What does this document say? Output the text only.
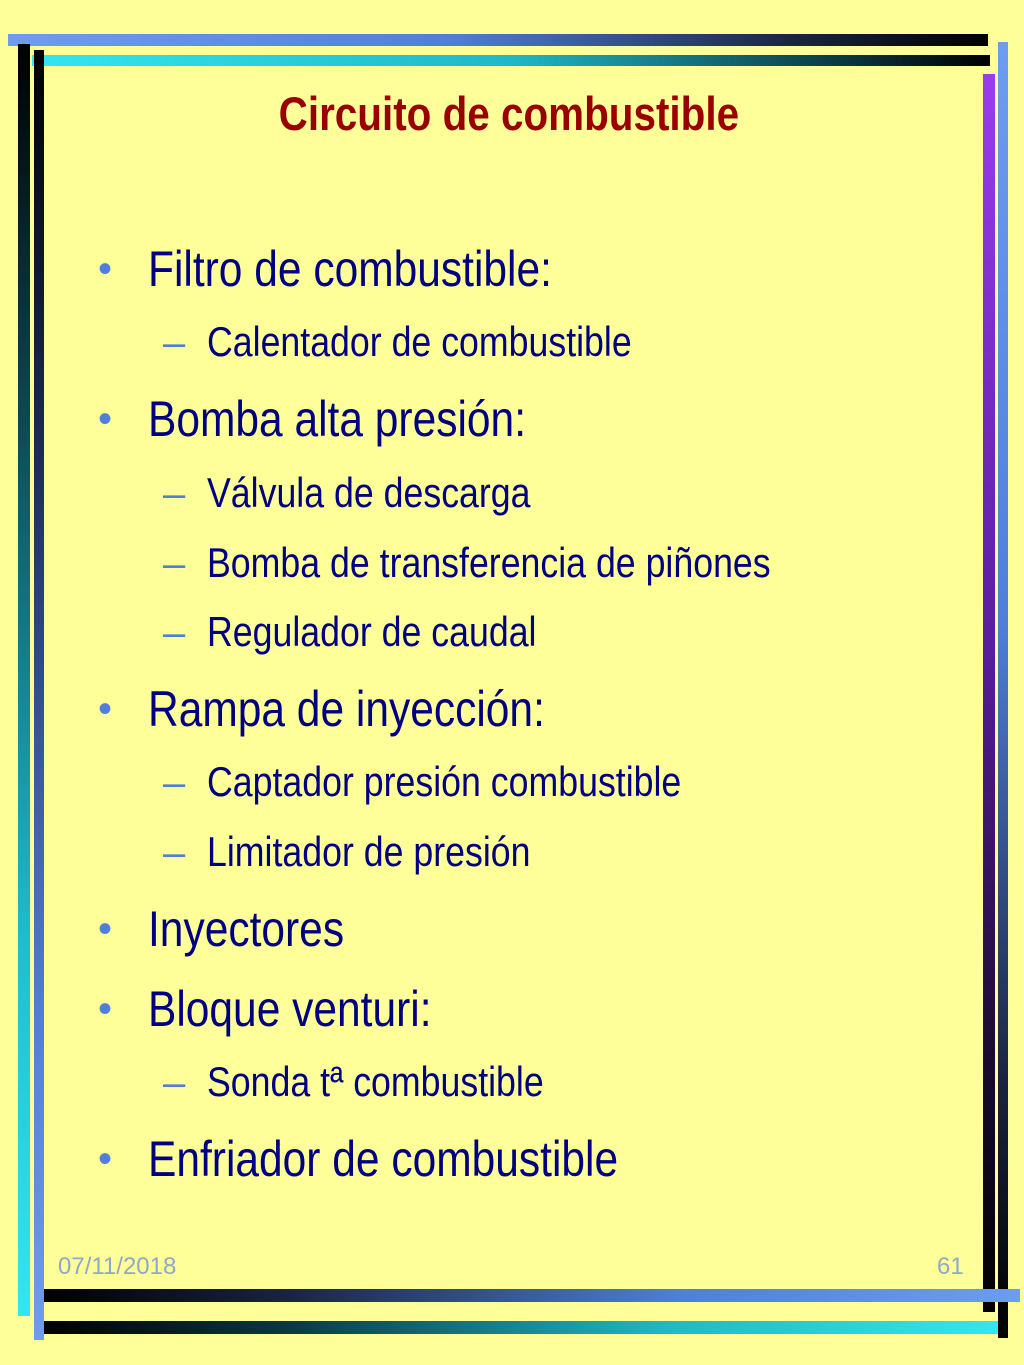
Circuito de combustible
• Filtro de combustible:
– Calentador de combustible
• Bomba alta presión:
– Válvula de descarga
– Bomba de transferencia de piñones
– Regulador de caudal
• Rampa de inyección:
– Captador presión combustible
– Limitador de presión
• Inyectores
• Bloque venturi:
– Sonda tª combustible
• Enfriador de combustible
07/11/2018	61
